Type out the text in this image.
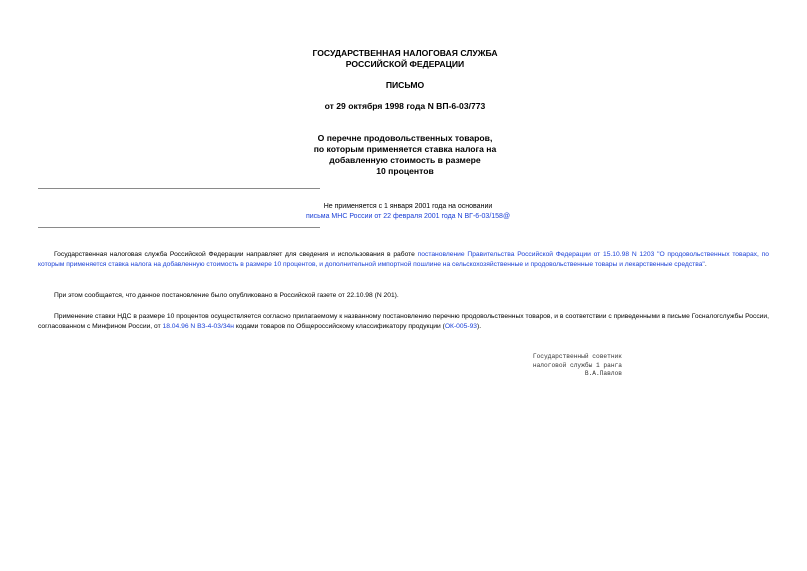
ГОСУДАРСТВЕННАЯ НАЛОГОВАЯ СЛУЖБА
РОССИЙСКОЙ ФЕДЕРАЦИИ
ПИСЬМО
от 29 октября 1998 года N ВП-6-03/773
О перечне продовольственных товаров,
по которым применяется ставка налога на
добавленную стоимость в размере
10 процентов
Не применяется с 1 января 2001 года на основании
письма МНС России от 22 февраля 2001 года N ВГ-6-03/158@
Государственная налоговая служба Российской Федерации направляет для сведения и использования в работе постановление Правительства Российской Федерации от 15.10.98 N 1203 "О продовольственных товарах, по которым применяется ставка налога на добавленную стоимость в размере 10 процентов, и дополнительной импортной пошлине на сельскохозяйственные и продовольственные товары и лекарственные средства".
При этом сообщается, что данное постановление было опубликовано в Российской газете от 22.10.98 (N 201).
Применение ставки НДС в размере 10 процентов осуществляется согласно прилагаемому к названному постановлению перечню продовольственных товаров, и в соответствии с приведенными в письме Госналогслужбы России, согласованном с Минфином России, от 18.04.96 N ВЗ-4-03/34н кодами товаров по Общероссийскому классификатору продукции (ОК-005-93).
Государственный советник
налоговой службы 1 ранга
В.А.Павлов
